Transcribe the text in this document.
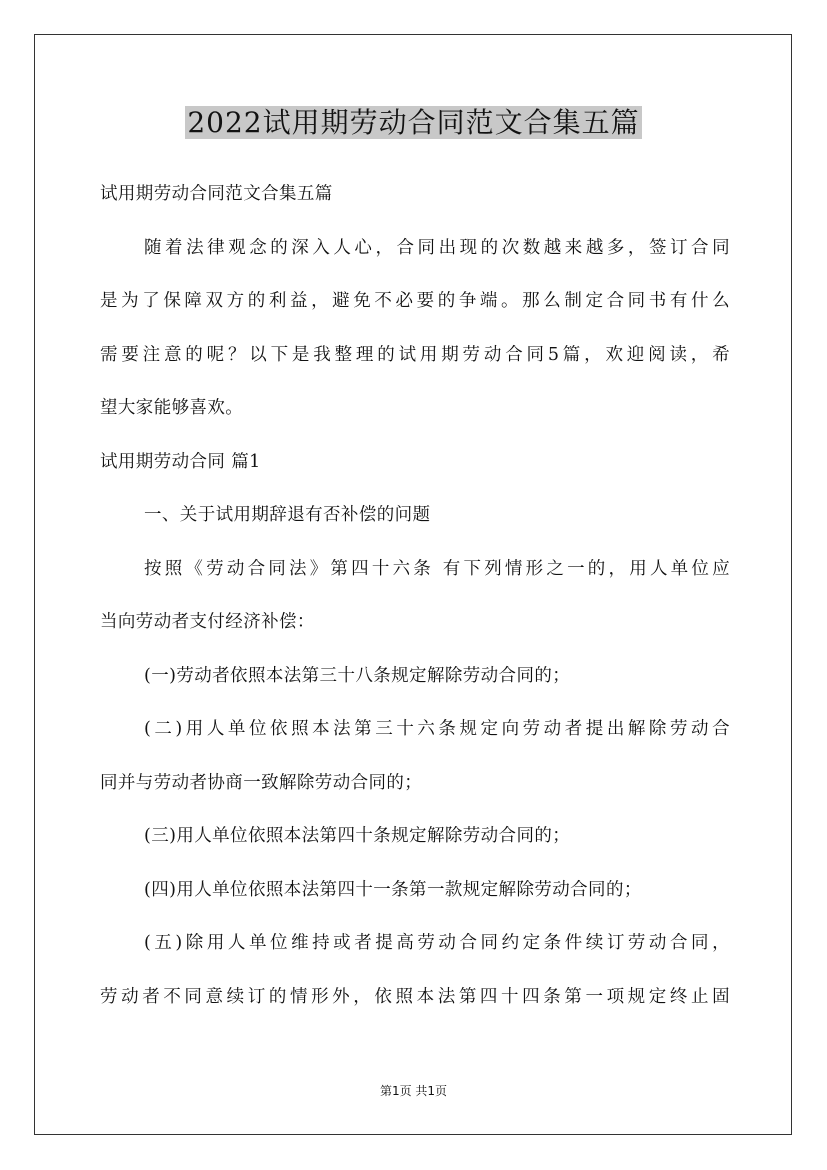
2022试用期劳动合同范文合集五篇
试用期劳动合同范文合集五篇
随着法律观念的深入人心，合同出现的次数越来越多，签订合同
是为了保障双方的利益，避免不必要的争端。那么制定合同书有什么
需要注意的呢？以下是我整理的试用期劳动合同5篇，欢迎阅读，希
望大家能够喜欢。
试用期劳动合同 篇1
一、关于试用期辞退有否补偿的问题
按照《劳动合同法》第四十六条 有下列情形之一的，用人单位应
当向劳动者支付经济补偿：
(一)劳动者依照本法第三十八条规定解除劳动合同的；
(二)用人单位依照本法第三十六条规定向劳动者提出解除劳动合
同并与劳动者协商一致解除劳动合同的；
(三)用人单位依照本法第四十条规定解除劳动合同的；
(四)用人单位依照本法第四十一条第一款规定解除劳动合同的；
(五)除用人单位维持或者提高劳动合同约定条件续订劳动合同，
劳动者不同意续订的情形外，依照本法第四十四条第一项规定终止固
第1页 共1页
